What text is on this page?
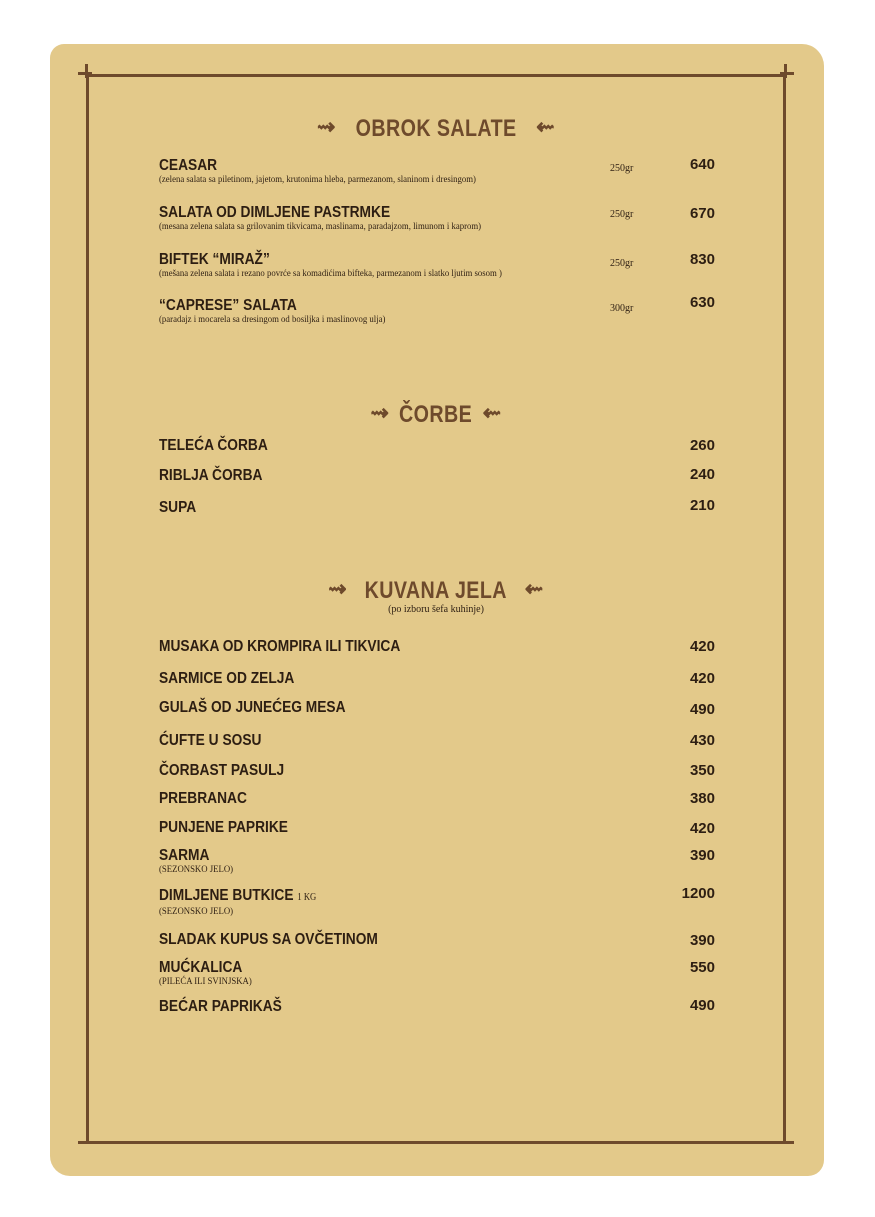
⇝ OBROK SALATE ⇜
CEASAR
(zelena salata sa piletinom, jajetom, krutonima hleba, parmezanom, slaninom i dresingom)
250gr	640
SALATA OD DIMLJENE PASTRMKE
(mesana zelena salata sa grilovanim tikvicama, maslinama, paradajzom, limunom i kaprom)
250gr	670
BIFTEK “MIRAŽ”
(mešana zelena salata i rezano povrće sa komadićima bifteka, parmezanom i slatko ljutim sosom )
250gr	830
“CAPRESE” SALATA
(paradajz i mocarela sa dresingom od bosiljka i maslinovog ulja)
300gr	630
⇝ ČORBE ⇜
TELEĆA ČORBA	260
RIBLJA ČORBA	240
SUPA	210
⇝ KUVANA JELA ⇜
(po izboru šefa kuhinje)
MUSAKA OD KROMPIRA ILI TIKVICA	420
SARMICE OD ZELJA	420
GULAŠ OD JUNEĆEG MESA	490
ĆUFTE U SOSU	430
ČORBAST PASULJ	350
PREBRANAC	380
PUNJENE PAPRIKE	420
SARMA
(SEZONSKO JELO)
390
DIMLJENE BUTKICE 1 KG
(SEZONSKO JELO)
1200
SLADAK KUPUS SA OVČETINOM	390
MUĆKALICA
(PILEĆA ILI SVINJSKA)
550
BEĆAR PAPRIKAŠ	490
